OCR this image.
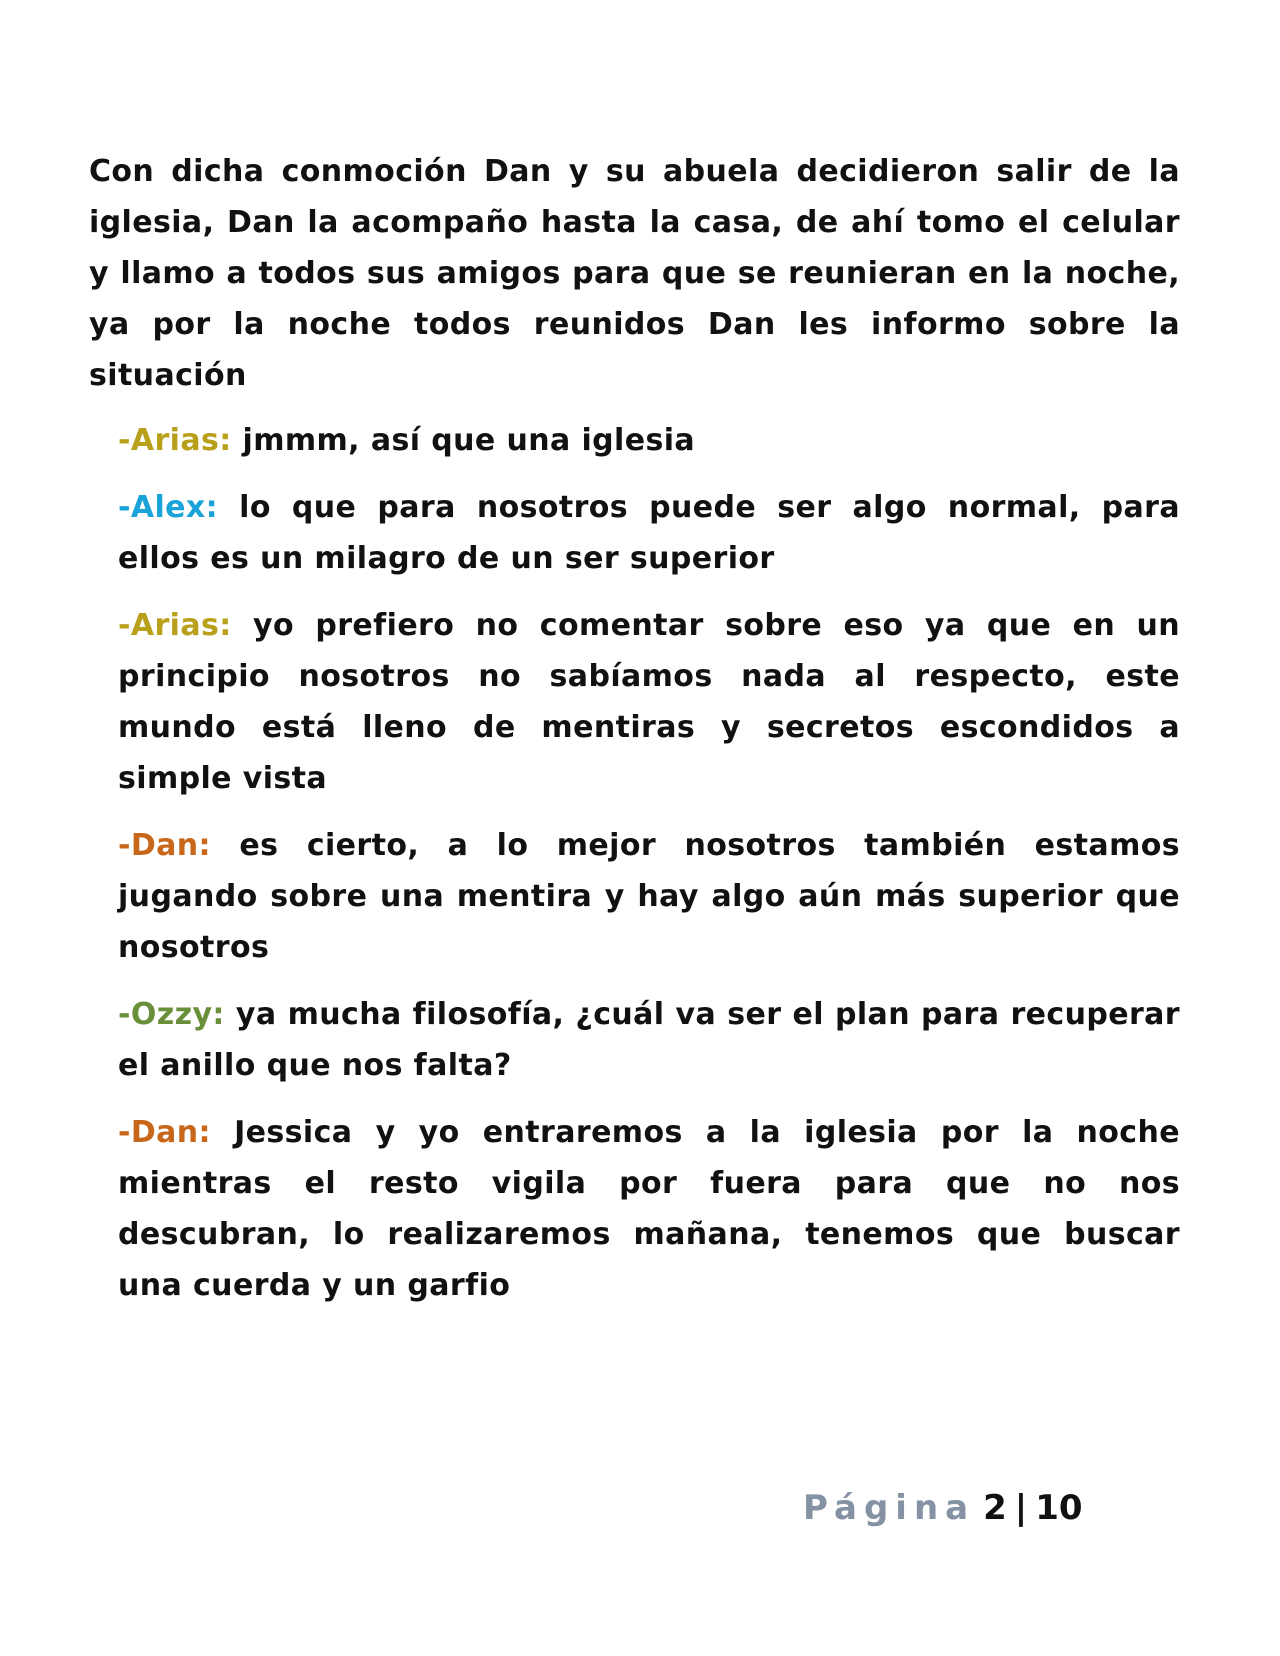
Con dicha conmoción Dan y su abuela decidieron salir de la iglesia, Dan la acompaño hasta la casa, de ahí tomo el celular y llamo a todos sus amigos para que se reunieran en la noche, ya por la noche todos reunidos Dan les informo sobre la situación

-Arias: jmmm, así que una iglesia

-Alex: lo que para nosotros puede ser algo normal, para ellos es un milagro de un ser superior

-Arias: yo prefiero no comentar sobre eso ya que en un principio nosotros no sabíamos nada al respecto, este mundo está lleno de mentiras y secretos escondidos a simple vista

-Dan: es cierto, a lo mejor nosotros también estamos jugando sobre una mentira y hay algo aún más superior que nosotros

-Ozzy: ya mucha filosofía, ¿cuál va ser el plan para recuperar el anillo que nos falta?

-Dan: Jessica y yo entraremos a la iglesia por la noche mientras el resto vigila por fuera para que no nos descubran, lo realizaremos mañana, tenemos que buscar una cuerda y un garfio

Página 2 | 10
